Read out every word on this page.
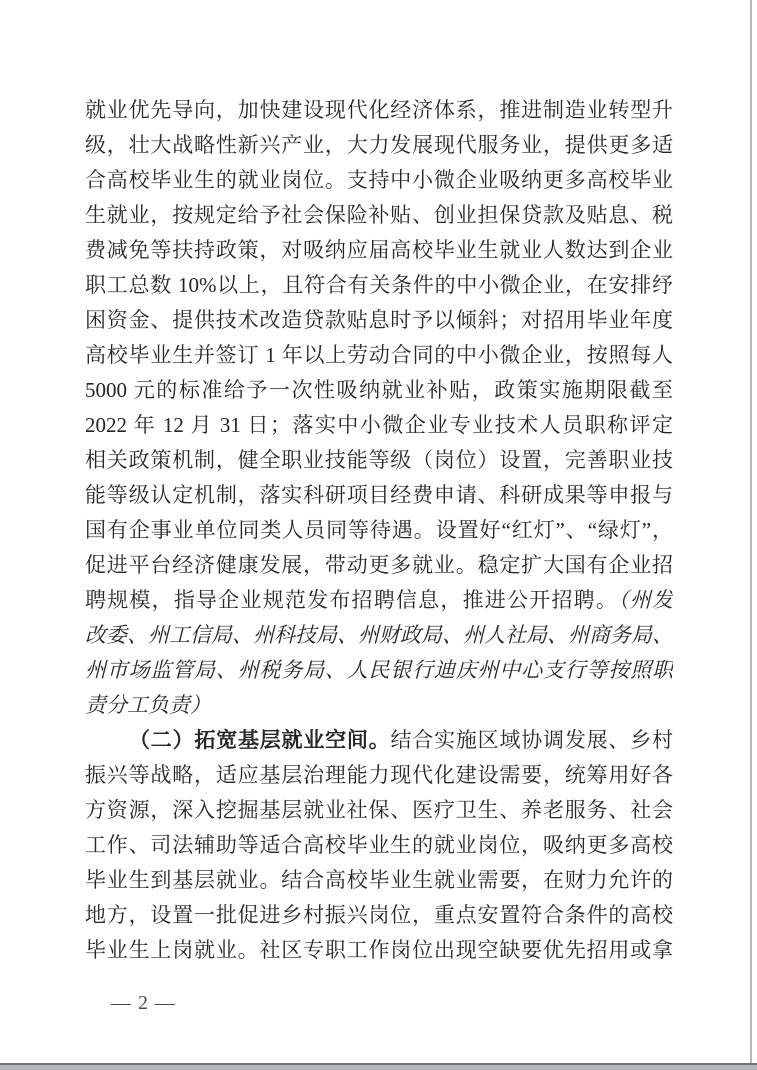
就业优先导向，加快建设现代化经济体系，推进制造业转型升
级，壮大战略性新兴产业，大力发展现代服务业，提供更多适
合高校毕业生的就业岗位。支持中小微企业吸纳更多高校毕业
生就业，按规定给予社会保险补贴、创业担保贷款及贴息、税
费减免等扶持政策，对吸纳应届高校毕业生就业人数达到企业
职工总数 10%以上，且符合有关条件的中小微企业，在安排纾
困资金、提供技术改造贷款贴息时予以倾斜；对招用毕业年度
高校毕业生并签订 1 年以上劳动合同的中小微企业，按照每人
5000 元的标准给予一次性吸纳就业补贴，政策实施期限截至
2022 年 12 月 31 日；落实中小微企业专业技术人员职称评定
相关政策机制，健全职业技能等级（岗位）设置，完善职业技
能等级认定机制，落实科研项目经费申请、科研成果等申报与
国有企事业单位同类人员同等待遇。设置好“红灯”、“绿灯”，
促进平台经济健康发展，带动更多就业。稳定扩大国有企业招
聘规模，指导企业规范发布招聘信息，推进公开招聘。（州发
改委、州工信局、州科技局、州财政局、州人社局、州商务局、
州市场监管局、州税务局、人民银行迪庆州中心支行等按照职
责分工负责）
（二）拓宽基层就业空间。结合实施区域协调发展、乡村
振兴等战略，适应基层治理能力现代化建设需要，统筹用好各
方资源，深入挖掘基层就业社保、医疗卫生、养老服务、社会
工作、司法辅助等适合高校毕业生的就业岗位，吸纳更多高校
毕业生到基层就业。结合高校毕业生就业需要，在财力允许的
地方，设置一批促进乡村振兴岗位，重点安置符合条件的高校
毕业生上岗就业。社区专职工作岗位出现空缺要优先招用或拿
— 2 —
